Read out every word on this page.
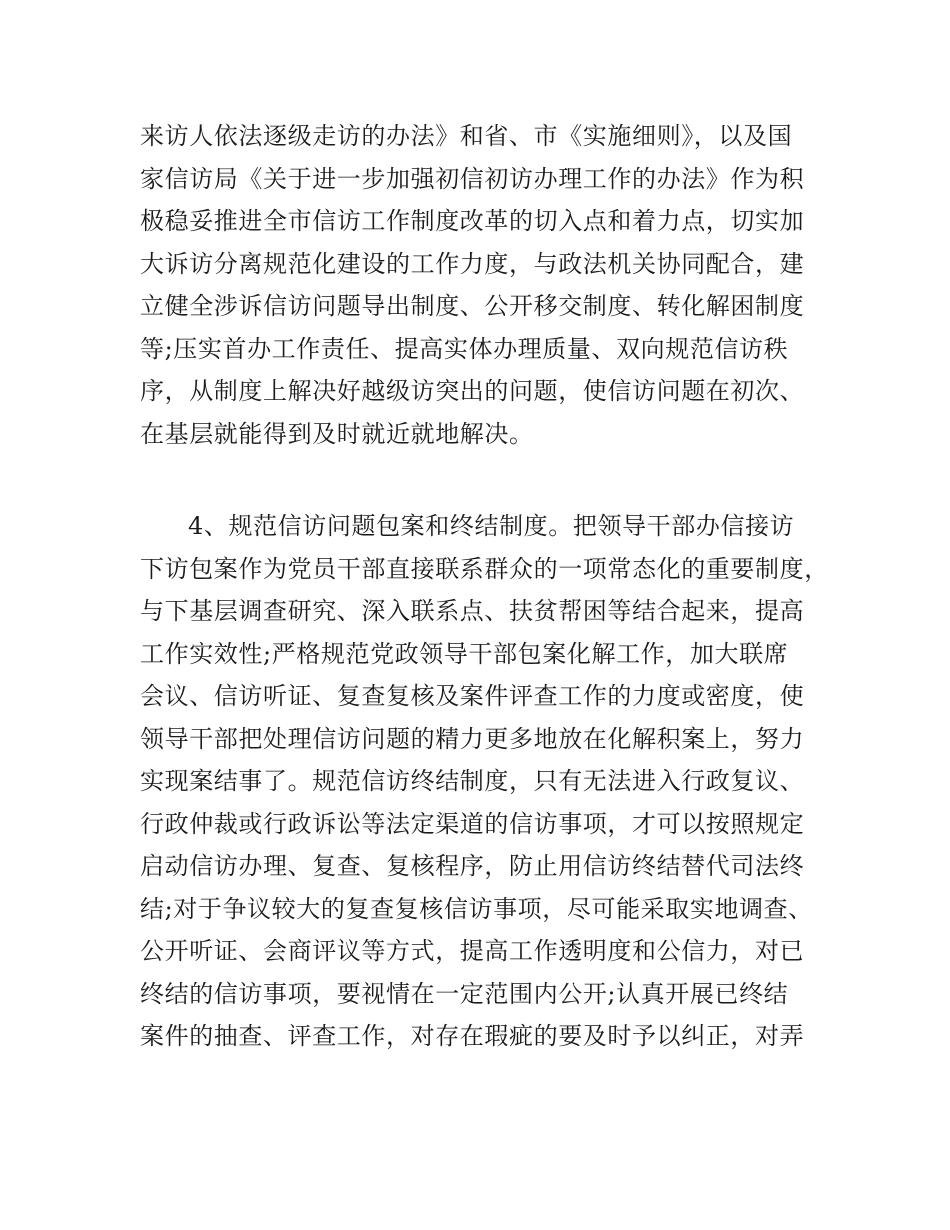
来访人依法逐级走访的办法》和省、市《实施细则》，以及国
家信访局《关于进一步加强初信初访办理工作的办法》作为积
极稳妥推进全市信访工作制度改革的切入点和着力点，切实加
大诉访分离规范化建设的工作力度，与政法机关协同配合，建
立健全涉诉信访问题导出制度、公开移交制度、转化解困制度
等;压实首办工作责任、提高实体办理质量、双向规范信访秩
序，从制度上解决好越级访突出的问题，使信访问题在初次、
在基层就能得到及时就近就地解决。
4、规范信访问题包案和终结制度。把领导干部办信接访
下访包案作为党员干部直接联系群众的一项常态化的重要制度，
与下基层调查研究、深入联系点、扶贫帮困等结合起来，提高
工作实效性;严格规范党政领导干部包案化解工作，加大联席
会议、信访听证、复查复核及案件评查工作的力度或密度，使
领导干部把处理信访问题的精力更多地放在化解积案上，努力
实现案结事了。规范信访终结制度，只有无法进入行政复议、
行政仲裁或行政诉讼等法定渠道的信访事项，才可以按照规定
启动信访办理、复查、复核程序，防止用信访终结替代司法终
结;对于争议较大的复查复核信访事项，尽可能采取实地调查、
公开听证、会商评议等方式，提高工作透明度和公信力，对已
终结的信访事项，要视情在一定范围内公开;认真开展已终结
案件的抽查、评查工作，对存在瑕疵的要及时予以纠正，对弄
